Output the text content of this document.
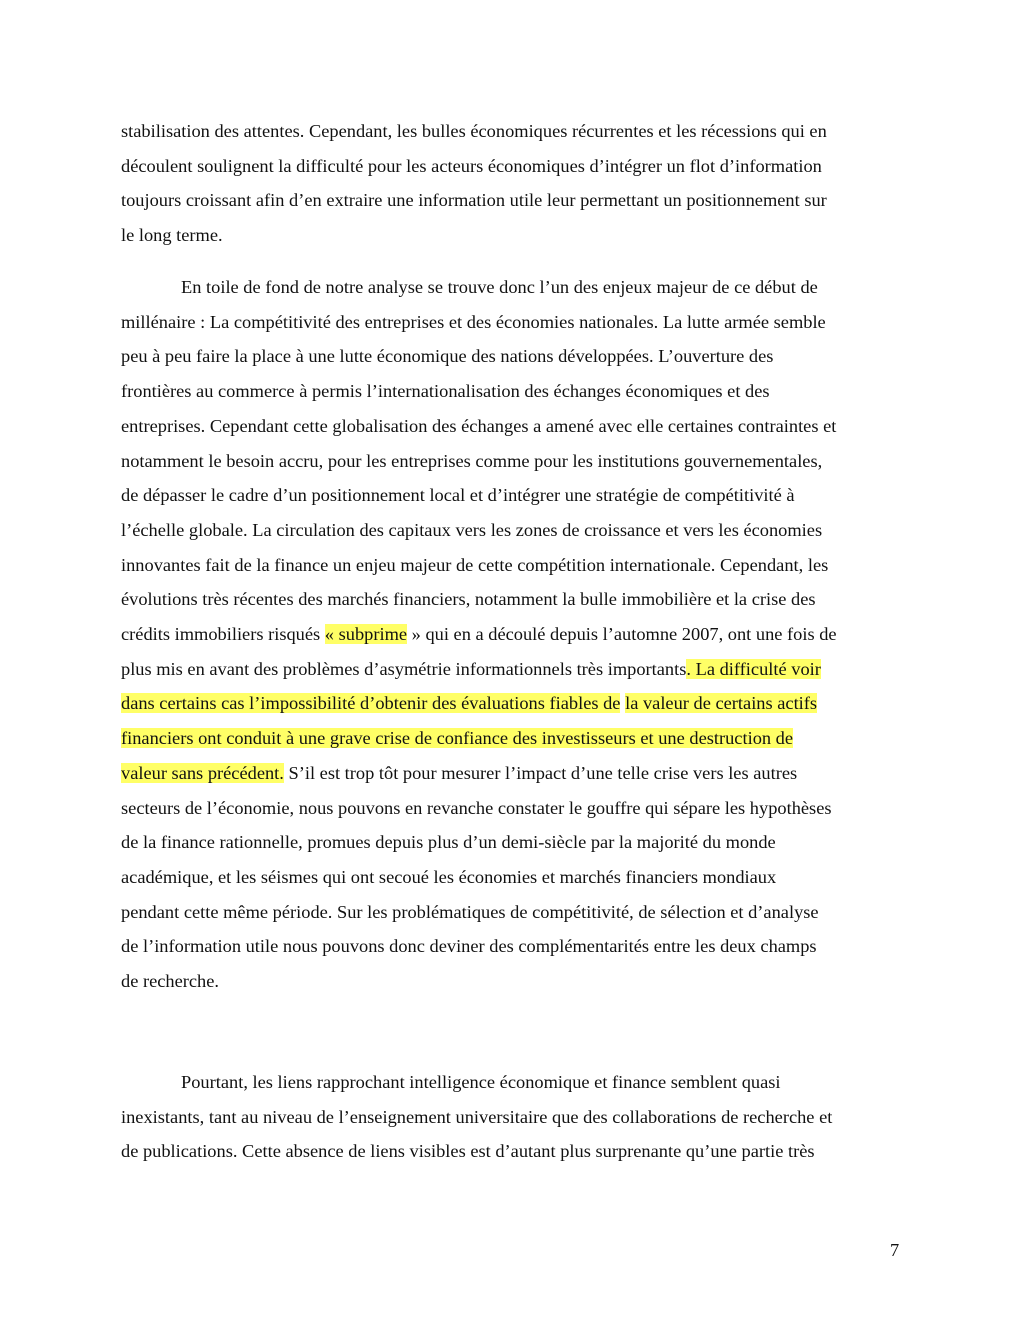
stabilisation des attentes. Cependant, les bulles économiques récurrentes et les récessions qui en
découlent soulignent la difficulté pour les acteurs économiques d’intégrer un flot d’information
toujours croissant afin d’en extraire une information utile leur permettant un positionnement sur
le long terme.
En toile de fond de notre analyse se trouve donc l’un des enjeux majeur de ce début de
millénaire : La compétitivité des entreprises et des économies nationales. La lutte armée semble
peu à peu faire la place à une lutte économique des nations développées. L’ouverture des
frontières au commerce à permis l’internationalisation des échanges économiques et des
entreprises. Cependant cette globalisation des échanges a amené avec elle certaines contraintes et
notamment le besoin accru, pour les entreprises comme pour les institutions gouvernementales,
de dépasser le cadre d’un positionnement local et d’intégrer une stratégie de compétitivité à
l’échelle globale. La circulation des capitaux vers les zones de croissance et vers les économies
innovantes fait de la finance un enjeu majeur de cette compétition internationale. Cependant, les
évolutions très récentes des marchés financiers, notamment la bulle immobilière et la crise des
crédits immobiliers risqués « subprime » qui en a découlé depuis l’automne 2007, ont une fois de
plus mis en avant des problèmes d’asymétrie informationnels très importants. La difficulté voir
dans certains cas l’impossibilité d’obtenir des évaluations fiables de la valeur de certains actifs
financiers ont conduit à une grave crise de confiance des investisseurs et une destruction de
valeur sans précédent. S’il est trop tôt pour mesurer l’impact d’une telle crise vers les autres
secteurs de l’économie, nous pouvons en revanche constater le gouffre qui sépare les hypothèses
de la finance rationnelle, promues depuis plus d’un demi-siècle par la majorité du monde
académique, et les séismes qui ont secoué les économies et marchés financiers mondiaux
pendant cette même période. Sur les problématiques de compétitivité, de sélection et d’analyse
de l’information utile nous pouvons donc deviner des complémentarités entre les deux champs
de recherche.
Pourtant, les liens rapprochant intelligence économique et finance semblent quasi
inexistants, tant au niveau de l’enseignement universitaire que des collaborations de recherche et
de publications. Cette absence de liens visibles est d’autant plus surprenante qu’une partie très
7
